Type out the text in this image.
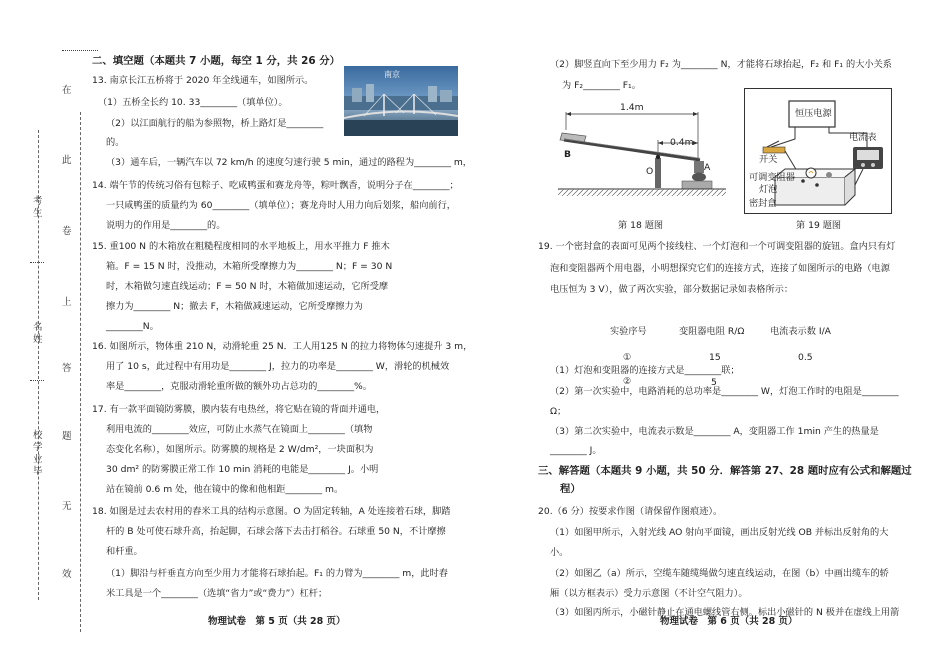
在
此
卷
上
答
题
无
效
考
生
名
姓
校
学
业
毕
二、填空题（本题共 7 小题，每空 1 分，共 26 分）
南京
13. 南京长江五桥将于 2020 年全线通车，如图所示。
（1）五桥全长约 10. 33________（填单位）。
（2）以江面航行的船为参照物，桥上路灯是________
的。
（3）通车后，一辆汽车以 72 km/h 的速度匀速行驶 5 min，通过的路程为________ m，
14. 端午节的传统习俗有包粽子、吃咸鸭蛋和赛龙舟等，粽叶飘香，说明分子在________；
一只咸鸭蛋的质量约为 60________（填单位）；赛龙舟时人用力向后划浆，船向前行，
说明力的作用是________的。
15. 重100 N 的木箱放在粗糙程度相同的水平地板上，用水平推力 F 推木
箱。F = 15 N 时，没推动，木箱所受摩擦力为________ N；F = 30 N
时，木箱做匀速直线运动；F = 50 N 时，木箱做加速运动，它所受摩
擦力为________ N；撤去 F，木箱做减速运动，它所受摩擦力为
________N。
16. 如图所示，物体重 210 N，动滑轮重 25 N．工人用125 N 的拉力将物体匀速提升 3 m，
用了 10 s，此过程中有用功是________ J，拉力的功率是________ W，滑轮的机械效
率是________，克服动滑轮重所做的额外功占总功的________%。
17. 有一款平面镜防雾膜，膜内装有电热丝，将它贴在镜的背面并通电，
利用电流的________效应，可防止水蒸气在镜面上________（填物
态变化名称），如图所示。防雾膜的规格是 2 W/dm²，一块面积为
30 dm² 的防雾膜正常工作 10 min 消耗的电能是________ J。小明
站在镜前 0.6 m 处，他在镜中的像和他相距________ m。
18. 如图是过去农村用的舂米工具的结构示意图。O 为固定转轴，A 处连接着石球，脚踏
杆的 B 处可使石球升高，抬起脚，石球会落下去击打稻谷。石球重 50 N，不计摩擦
和杆重。
（1）脚沿与杆垂直方向至少用力才能将石球抬起。F₁ 的力臂为________ m，此时舂
米工具是一个________（选填“省力”或“费力”）杠杆；
物理试卷　第 5 页（共 28 页）
（2）脚竖直向下至少用力 F₂ 为________ N，才能将石球抬起，F₂ 和 F₁ 的大小关系
为 F₂________ F₁。
1.4m
0.4m
B
O	A
第 18 题图
恒压电源
电流表
开关
可调变阻器
灯泡
密封盒
第 19 题图
19. 一个密封盒的表面可见两个接线柱、一个灯泡和一个可调变阻器的旋钮。盒内只有灯
泡和变阻器两个用电器，小明想探究它们的连接方式，连接了如图所示的电路（电源
电压恒为 3 V），做了两次实验，部分数据记录如表格所示：
实验序号	变阻器电阻 R/Ω	电流表示数 I/A
①	15	0.5
②	5
（1）灯泡和变阻器的连接方式是________联；
（2）第一次实验中，电路消耗的总功率是________ W，灯泡工作时的电阻是________
Ω；
（3）第二次实验中，电流表示数是________ A，变阻器工作 1min 产生的热量是
________ J。
三、解答题（本题共 9 小题，共 50 分．解答第 27、28 题时应有公式和解题过
程）
20.（6 分）按要求作图（请保留作图痕迹）。
（1）如图甲所示，入射光线 AO 射向平面镜，画出反射光线 OB 并标出反射角的大
小。
（2）如图乙（a）所示，空缆车随缆绳做匀速直线运动，在图（b）中画出缆车的轿
厢（以方框表示）受力示意图（不计空气阻力）。
（3）如图丙所示，小磁针静止在通电螺线管右侧。标出小磁针的 N 极并在虚线上用箭
物理试卷　第 6 页（共 28 页）
